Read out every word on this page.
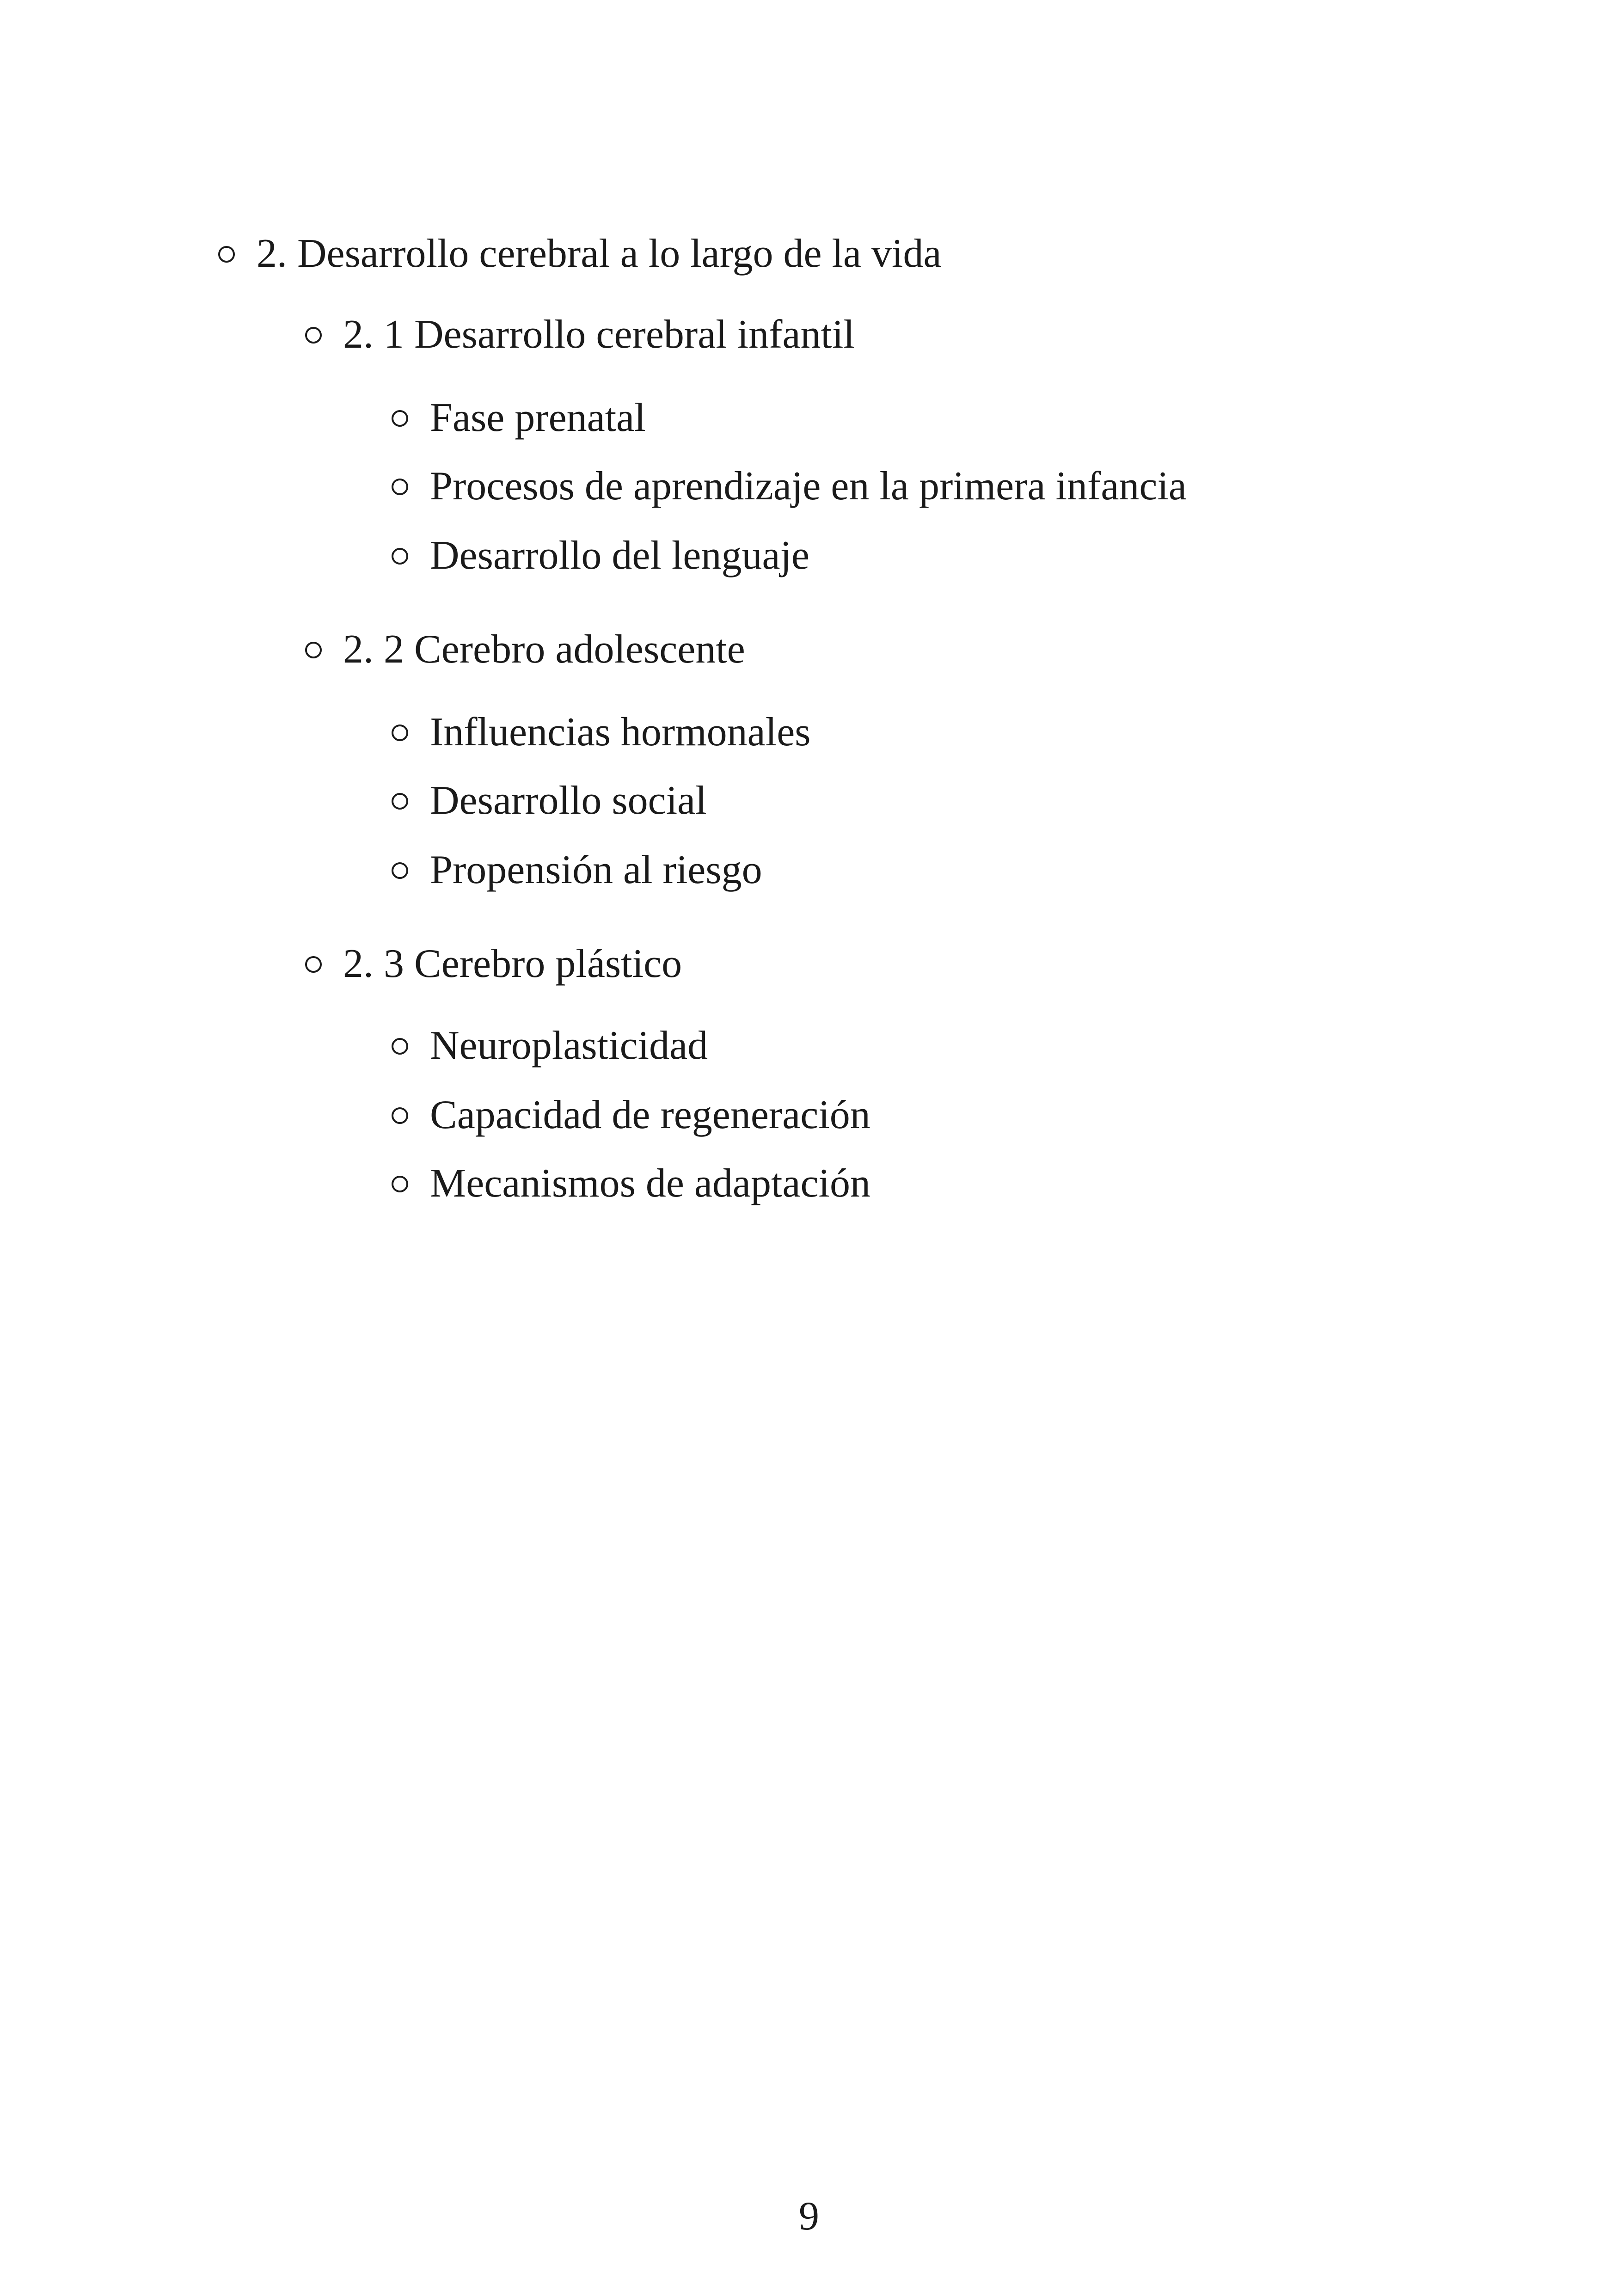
2. Desarrollo cerebral a lo largo de la vida
2. 1 Desarrollo cerebral infantil
Fase prenatal
Procesos de aprendizaje en la primera infancia
Desarrollo del lenguaje
2. 2 Cerebro adolescente
Influencias hormonales
Desarrollo social
Propensión al riesgo
2. 3 Cerebro plástico
Neuroplasticidad
Capacidad de regeneración
Mecanismos de adaptación
9
